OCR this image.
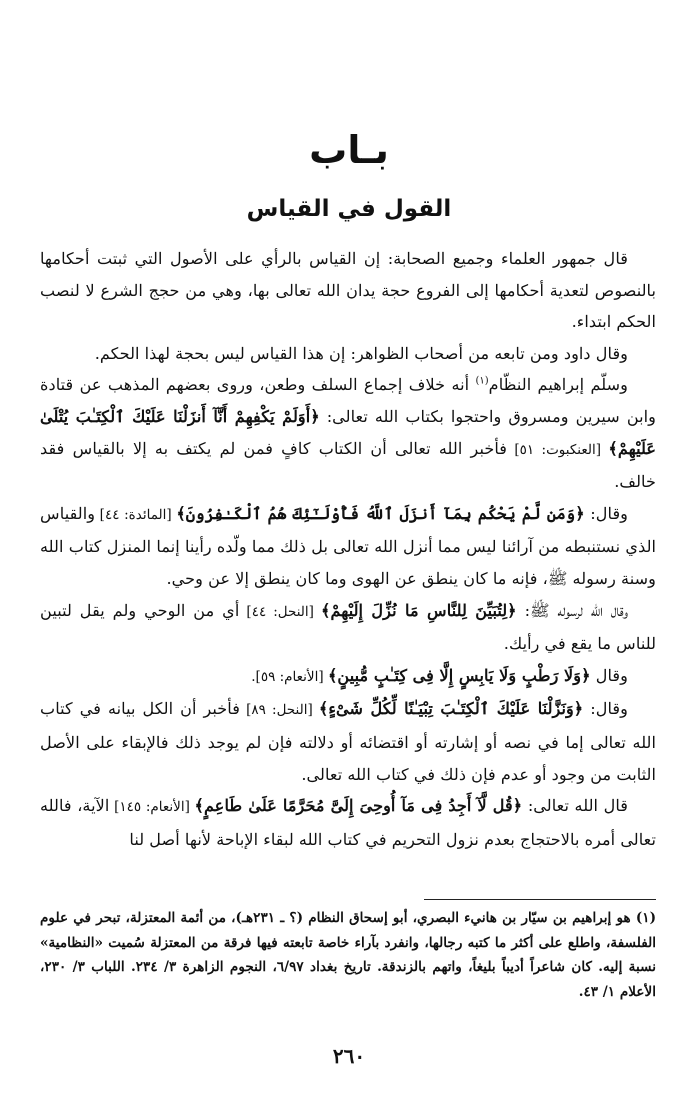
بـاب
القول في القياس

قال جمهور العلماء وجميع الصحابة: إن القياس بالرأي على الأصول التي ثبتت أحكامها بالنصوص لتعدية أحكامها إلى الفروع حجة يدان الله تعالى بها، وهي من حجج الشرع لا لنصب الحكم ابتداء.

وقال داود ومن تابعه من أصحاب الظواهر: إن هذا القياس ليس بحجة لهذا الحكم.

وسلّم إبراهيم النظّام$^{(١)}$ أنه خلاف إجماع السلف وطعن، وروى بعضهم المذهب عن قتادة وابن سيرين ومسروق واحتجوا بكتاب الله تعالى: ﴿أَوَلَمْ يَكْفِهِمْ أَنَّآ أَنزَلْنَا عَلَيْكَ ٱلْكِتَـٰبَ يُتْلَىٰ عَلَيْهِمْ﴾ [العنكبوت: ٥١] فأخبر الله تعالى أن الكتاب كافٍ فمن لم يكتف به إلا بالقياس فقد خالف.

وقال: ﴿وَمَن لَّمْ يَحْكُم بِمَآ أَنزَلَ ٱللَّهُ فَأُوْلَـٰٓئِكَ هُمُ ٱلْكَـٰفِرُونَ﴾ [المائدة: ٤٤] والقياس الذي نستنبطه من آرائنا ليس مما أنزل الله تعالى بل ذلك مما ولّده رأينا إنما المنزل كتاب الله وسنة رسوله ﷺ، فإنه ما كان ينطق عن الهوى وما كان ينطق إلا عن وحي.

وقال الله لرسوله ﷺ: ﴿لِتُبَيِّنَ لِلنَّاسِ مَا نُزِّلَ إِلَيْهِمْ﴾ [النحل: ٤٤] أي من الوحي ولم يقل لتبين للناس ما يقع في رأيك.

وقال ﴿وَلَا رَطْبٍ وَلَا يَابِسٍ إِلَّا فِى كِتَـٰبٍ مُّبِينٍ﴾ [الأنعام: ٥٩].

وقال: ﴿وَنَزَّلْنَا عَلَيْكَ ٱلْكِتَـٰبَ تِبْيَـٰنًا لِّكُلِّ شَىْءٍ﴾ [النحل: ٨٩] فأخبر أن الكل بيانه في كتاب الله تعالى إما في نصه أو إشارته أو اقتضائه أو دلالته فإن لم يوجد ذلك فالإبقاء على الأصل الثابت من وجود أو عدم فإن ذلك في كتاب الله تعالى.

قال الله تعالى: ﴿قُل لَّآ أَجِدُ فِى مَآ أُوحِىَ إِلَىَّ مُحَرَّمًا عَلَىٰ طَاعِمٍ﴾ [الأنعام: ١٤٥] الآية، فالله تعالى أمره بالاحتجاج بعدم نزول التحريم في كتاب الله لبقاء الإباحة لأنها أصل لنا

(١) هو إبراهيم بن سيّار بن هانيء البصري، أبو إسحاق النظام (؟ ـ ٢٣١هـ)، من أئمة المعتزلة، تبحر في علوم الفلسفة، واطلع على أكثر ما كتبه رجالها، وانفرد بآراء خاصة تابعته فيها فرقة من المعتزلة سُميت «النظامية» نسبة إليه. كان شاعراً أديباً بليغاً، واتهم بالزندقة. تاريخ بغداد ٦/٩٧، النجوم الزاهرة ٣/ ٢٣٤. اللباب ٣/ ٢٣٠، الأعلام ١/ ٤٣.

٢٦٠
